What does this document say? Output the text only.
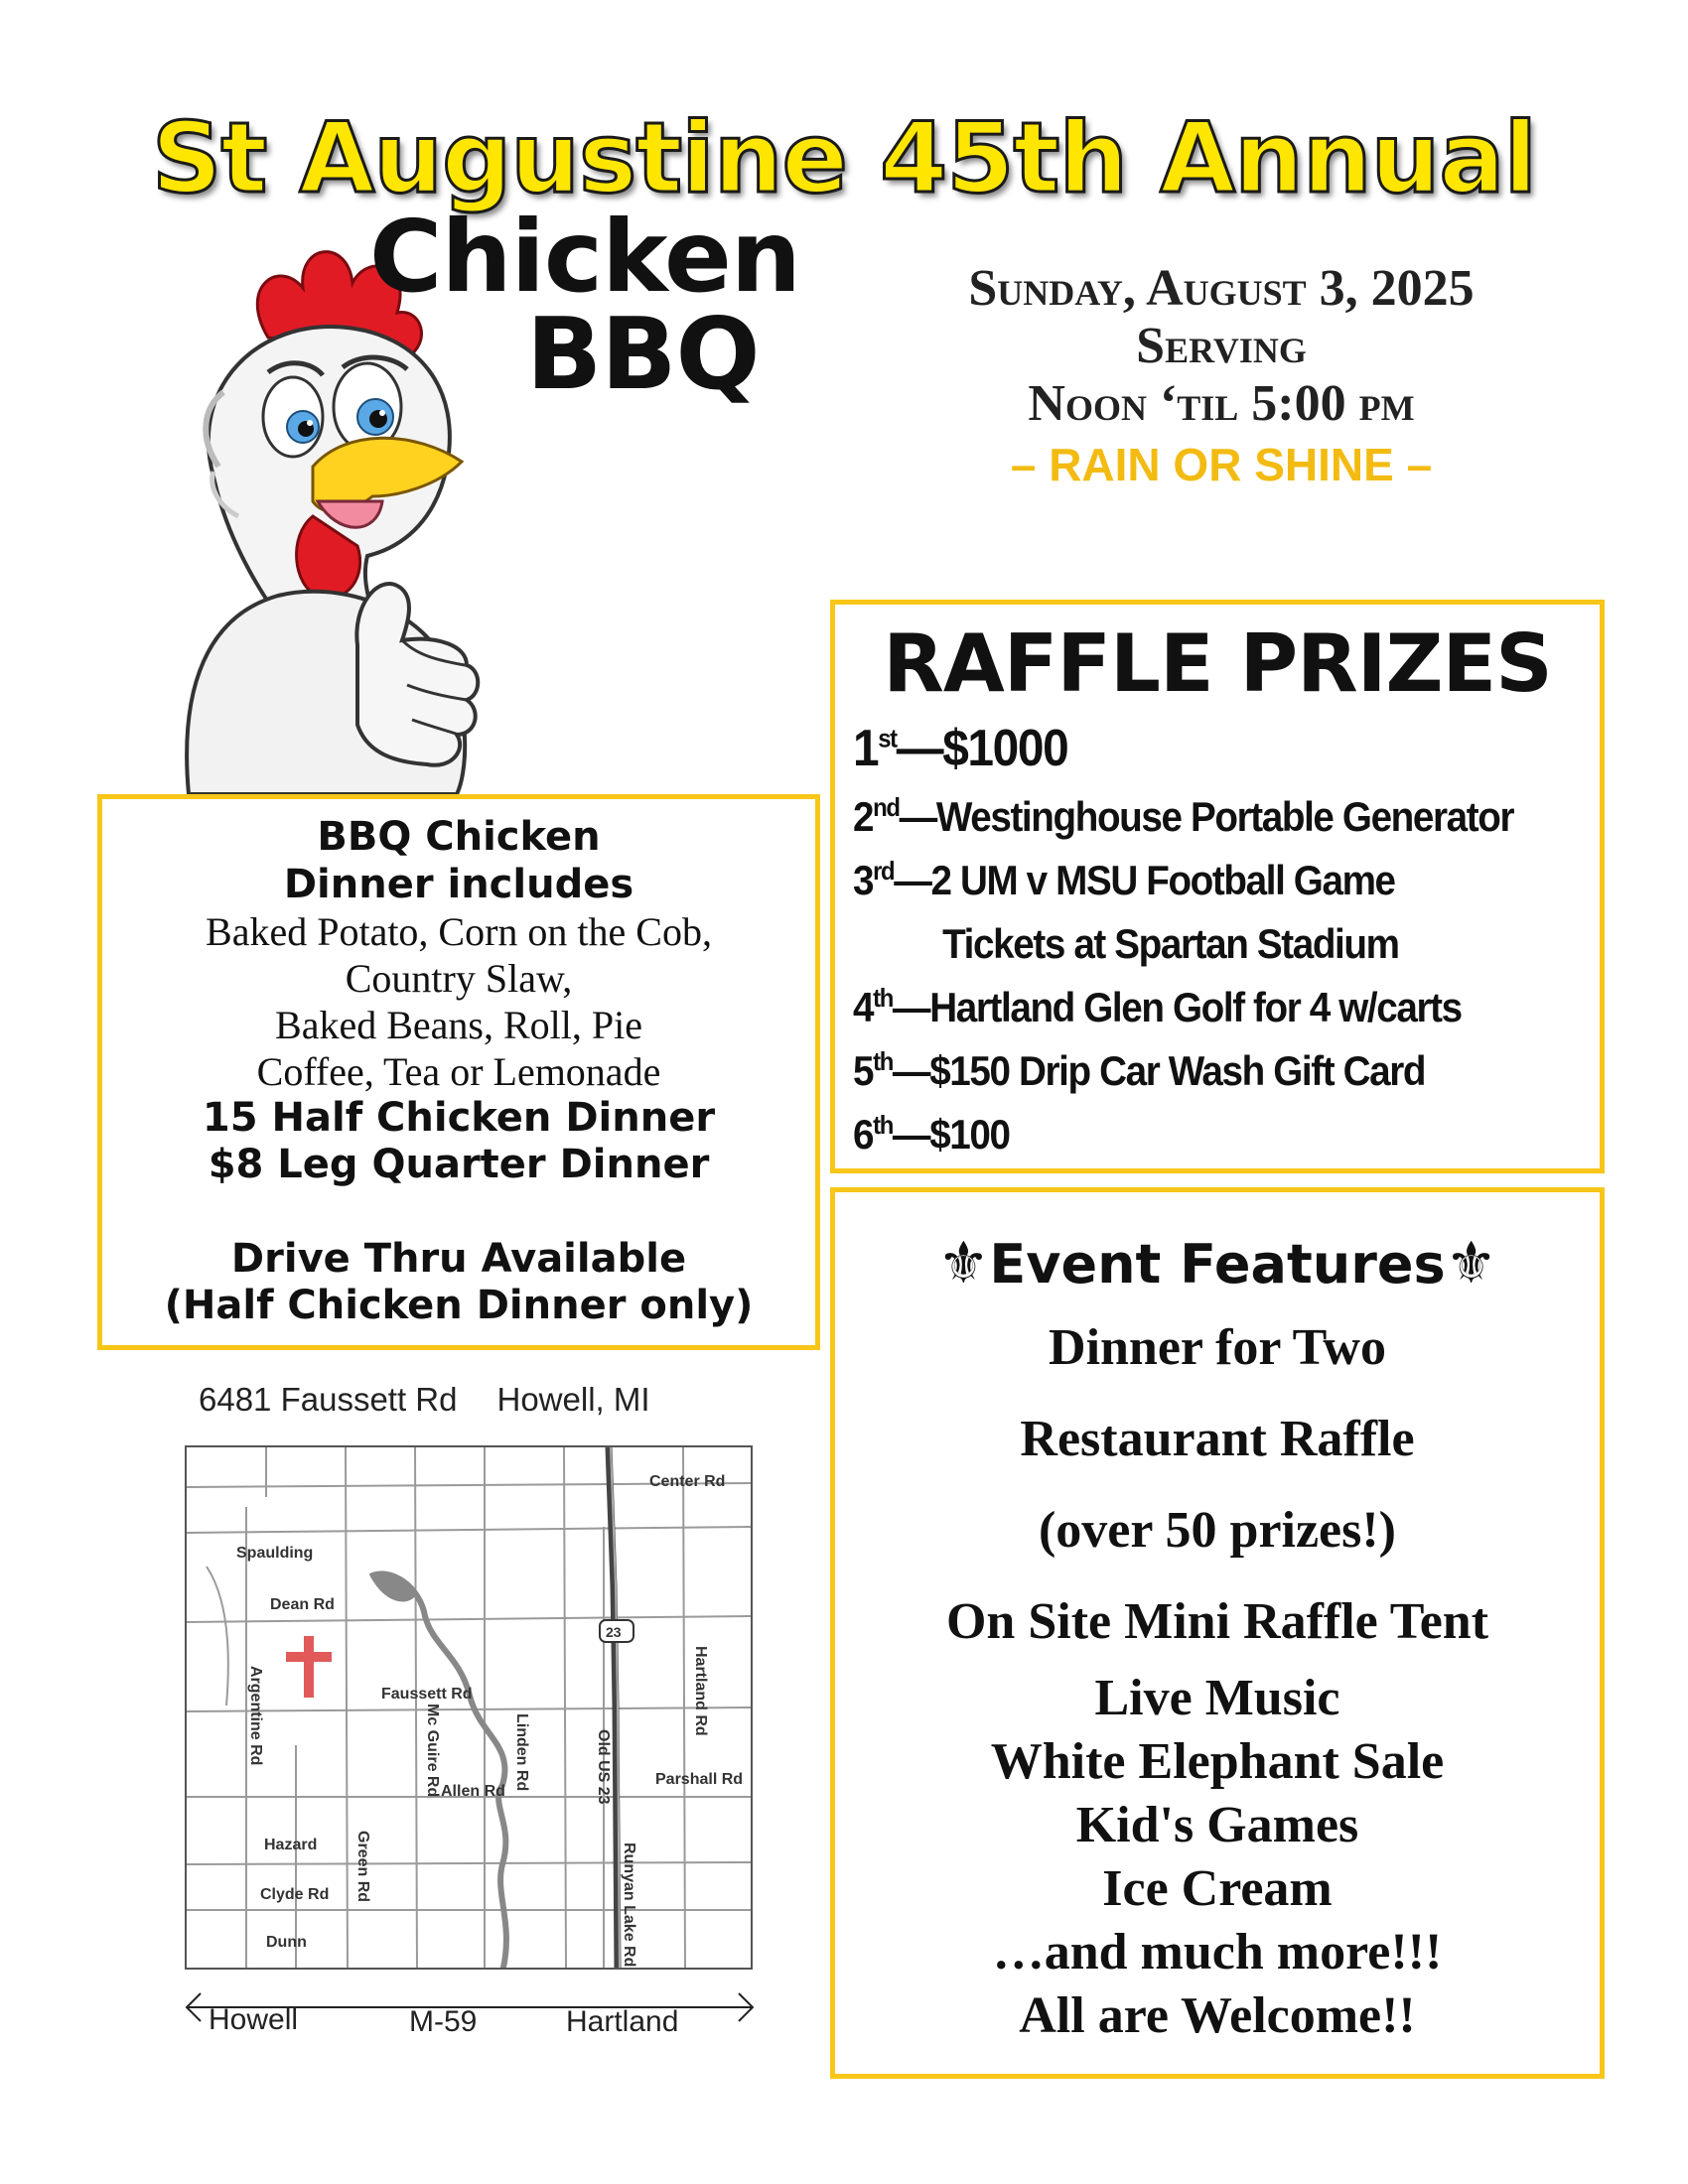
St Augustine 45th Annual
Chicken
BBQ
Sunday, August 3, 2025
Serving
Noon ‘til 5:00 pm
– RAIN OR SHINE –
RAFFLE PRIZES
1st—$1000
2nd—Westinghouse Portable Generator
3rd—2 UM v MSU Football Game
Tickets at Spartan Stadium
4th—Hartland Glen Golf for 4 w/carts
5th—$150 Drip Car Wash Gift Card
6th—$100
BBQ Chicken
Dinner includes
Baked Potato, Corn on the Cob,
Country Slaw,
Baked Beans, Roll, Pie
Coffee, Tea or Lemonade
15 Half Chicken Dinner
$8 Leg Quarter Dinner
Drive Thru Available
(Half Chicken Dinner only)
⚜Event Features⚜
Dinner for Two
Restaurant Raffle
(over 50 prizes!)
On Site Mini Raffle Tent
Live Music
White Elephant Sale
Kid's Games
Ice Cream
…and much more!!!
All are Welcome!!
6481 Faussett Rd Howell, MI
Center Rd
Spaulding
Dean Rd
Argentine Rd	Faussett Rd
Mc Guire Rd	Linden Rd
Allen Rd
23
Old US 23
Hartland Rd
Parshall Rd
Hazard Green Rd
Clyde Rd
Dunn	Runyan Lake Rd
Howell	M-59	Hartland
